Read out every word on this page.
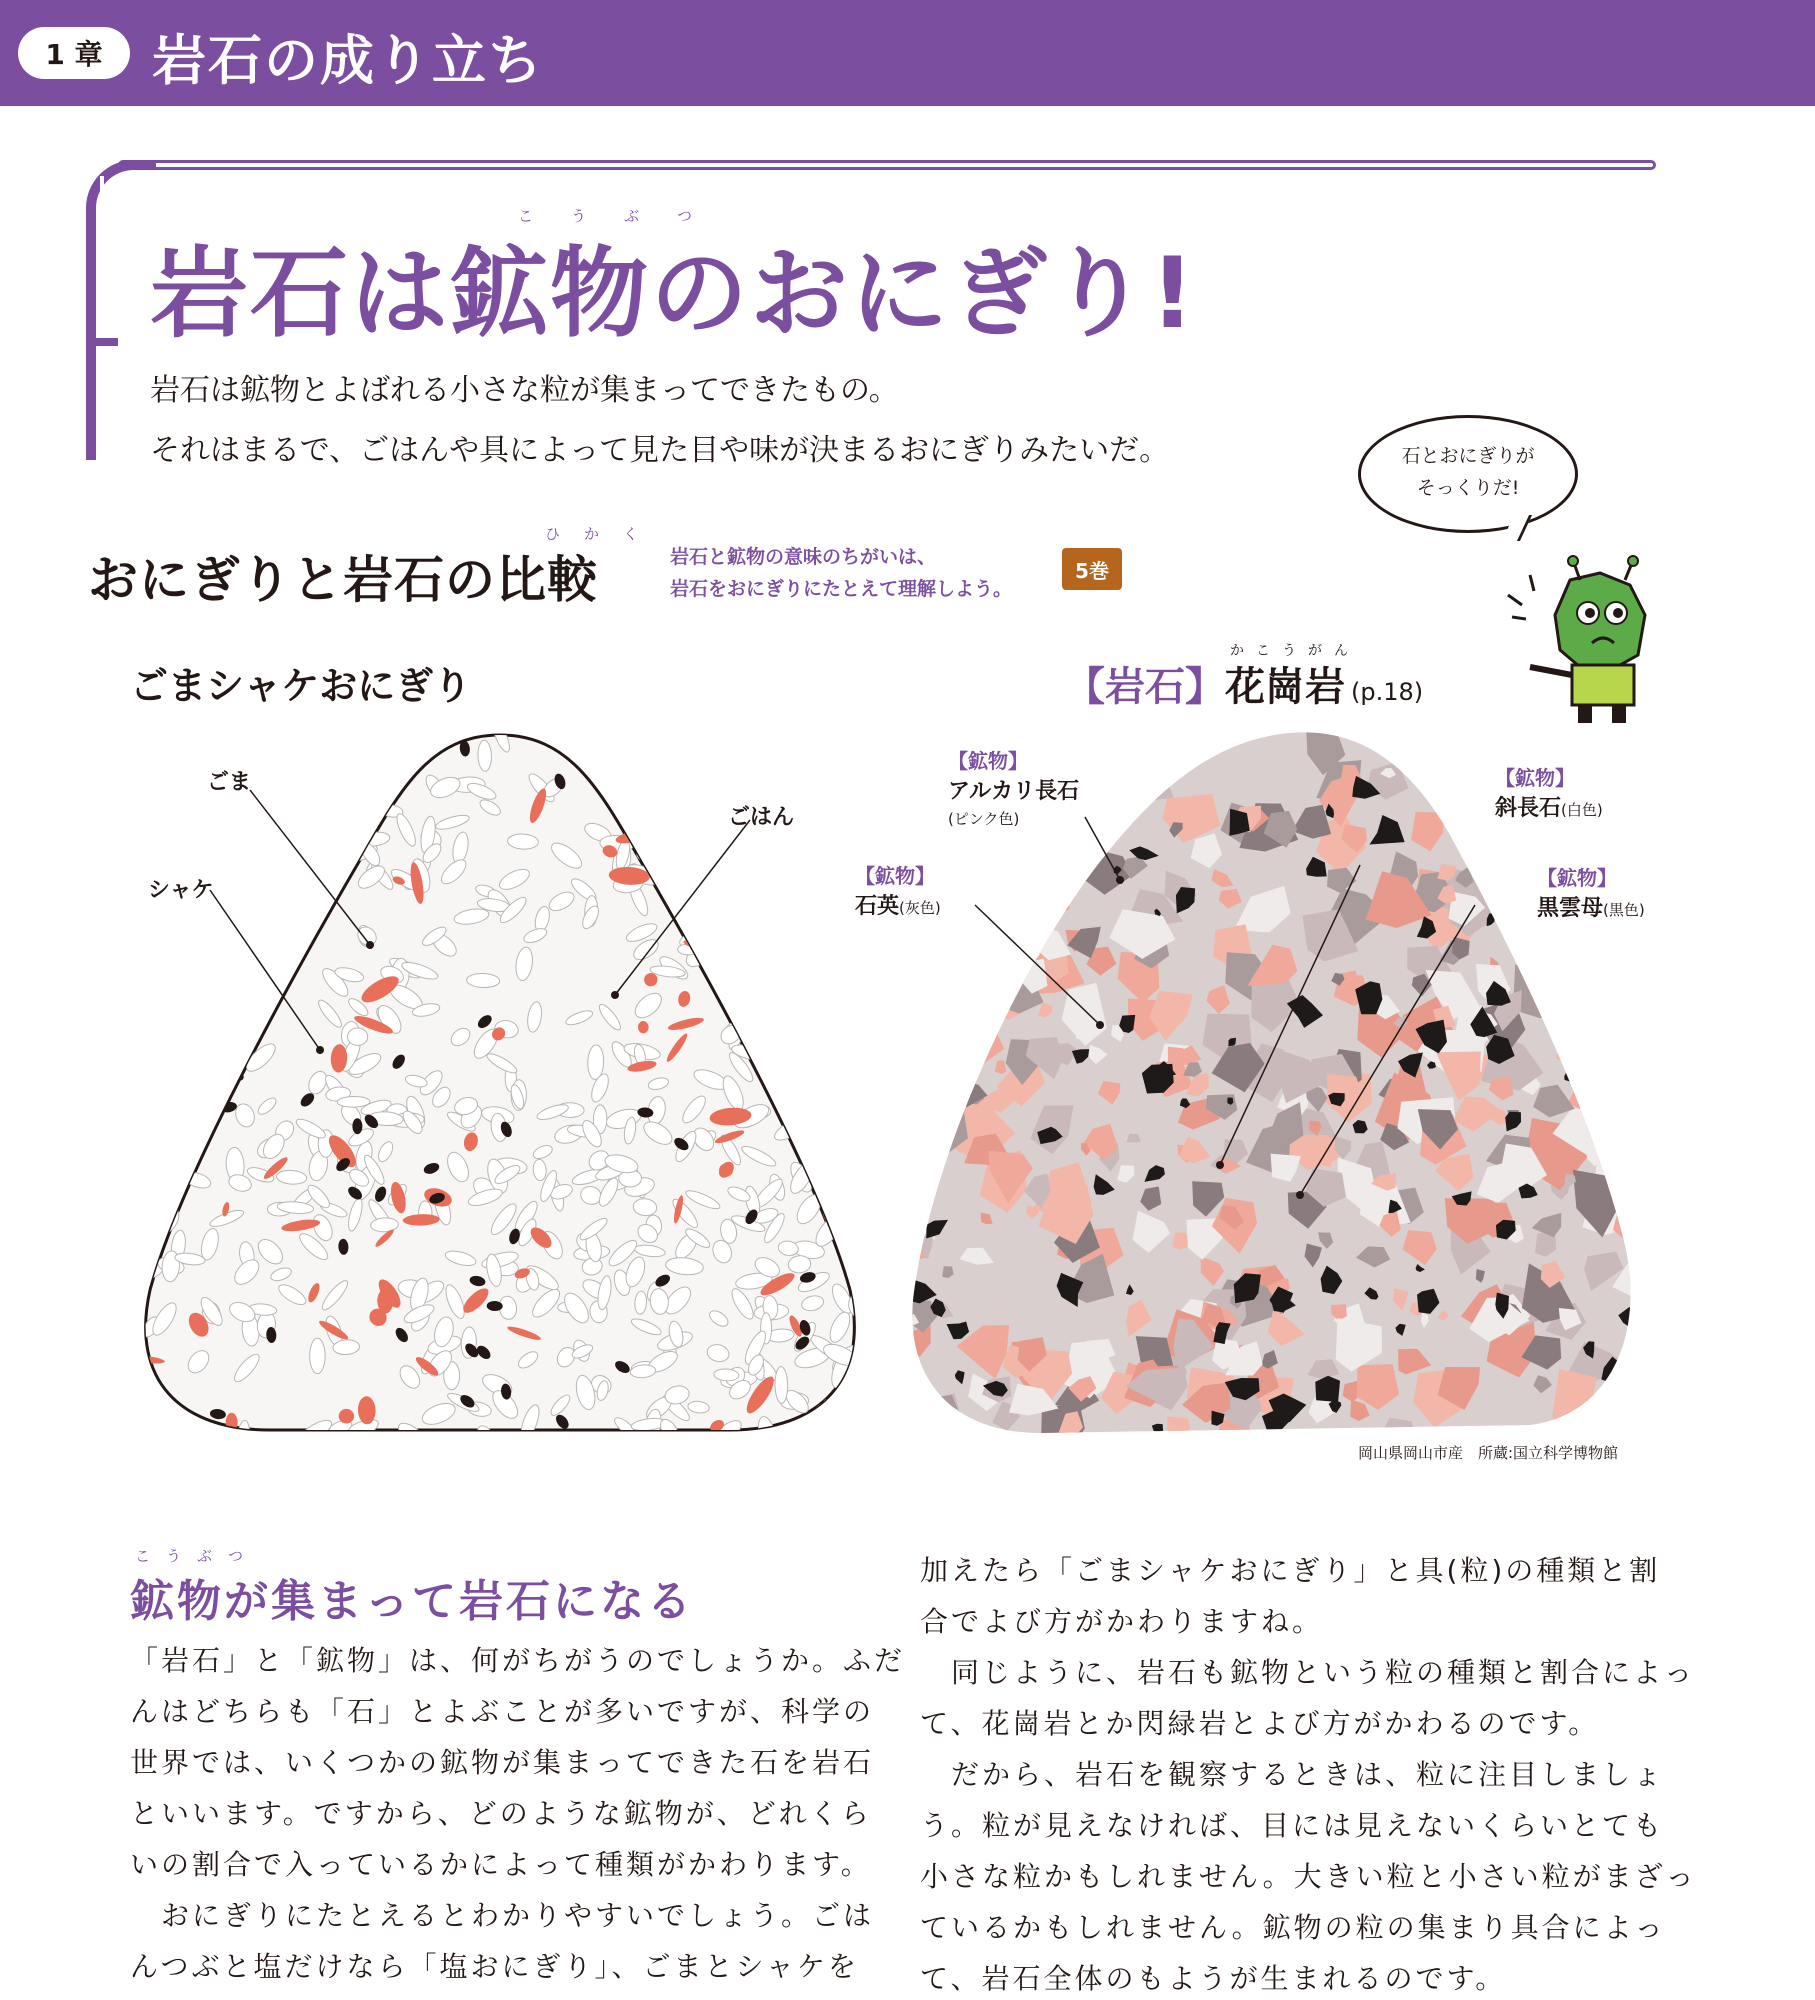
1 章 岩石の成り立ち
こうぶつ
岩石は鉱物のおにぎり!
岩石は鉱物とよばれる小さな粒が集まってできたもの。
それはまるで、ごはんや具によって見た目や味が決まるおにぎりみたいだ。	石とおにぎりが
そっくりだ!
ひかく
おにぎりと岩石の比較	岩石と鉱物の意味のちがいは、
岩石をおにぎりにたとえて理解しよう。
5巻
ごまシャケおにぎり
かこうがん
【岩石】花崗岩 (p.18)
ごま
ごはん
シャケ
【鉱物】
アルカリ長石
(ピンク色)
【鉱物】
石英(灰色)
【鉱物】
斜長石(白色)
【鉱物】
黒雲母(黒色)
岡山県岡山市産　所蔵:国立科学博物館
こうぶつ
鉱物が集まって岩石になる
「岩石」と「鉱物」は、何がちがうのでしょうか。ふだ
んはどちらも「石」とよぶことが多いですが、科学の
世界では、いくつかの鉱物が集まってできた石を岩石
といいます。ですから、どのような鉱物が、どれくら
いの割合で入っているかによって種類がかわります。
　おにぎりにたとえるとわかりやすいでしょう。ごは
んつぶと塩だけなら「塩おにぎり」、ごまとシャケを
加えたら「ごまシャケおにぎり」と具(粒)の種類と割
合でよび方がかわりますね。
　同じように、岩石も鉱物という粒の種類と割合によっ
て、花崗岩とか閃緑岩とよび方がかわるのです。
　だから、岩石を観察するときは、粒に注目しましょ
う。粒が見えなければ、目には見えないくらいとても
小さな粒かもしれません。大きい粒と小さい粒がまざっ
ているかもしれません。鉱物の粒の集まり具合によっ
て、岩石全体のもようが生まれるのです。
